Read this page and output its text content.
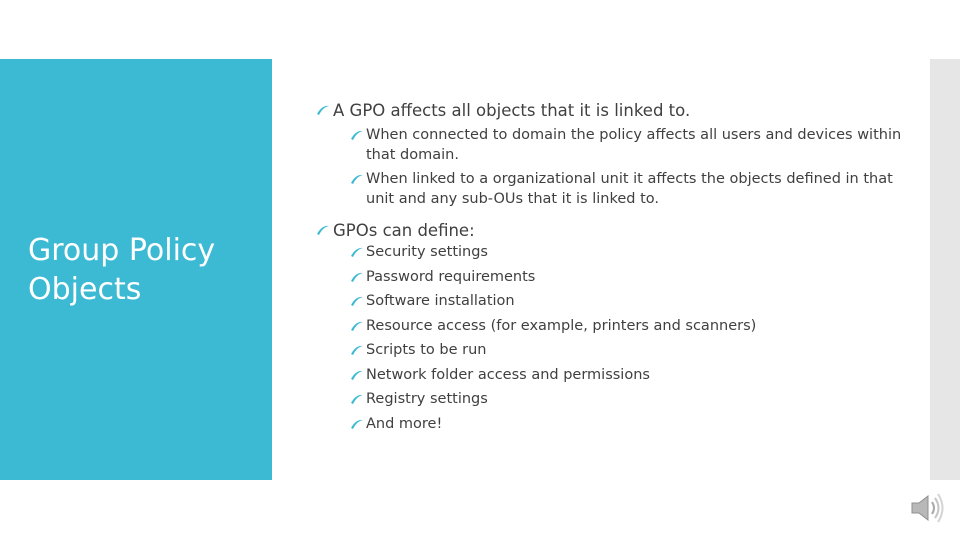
Group Policy Objects

A GPO affects all objects that it is linked to.

When connected to domain the policy affects all users and devices within that domain.

When linked to a organizational unit it affects the objects defined in that unit and any sub-OUs that it is linked to.

GPOs can define:

Security settings

Password requirements

Software installation

Resource access (for example, printers and scanners)

Scripts to be run

Network folder access and permissions

Registry settings

And more!
